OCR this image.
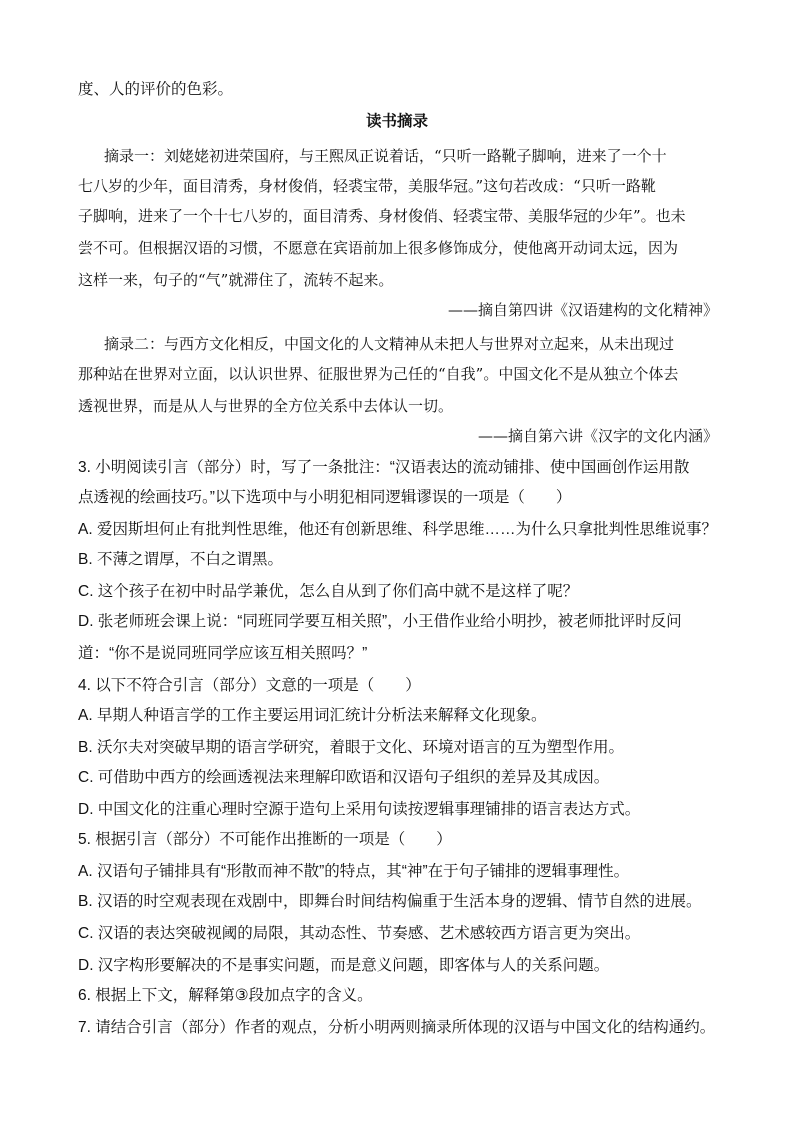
度、人的评价的色彩。
读书摘录
摘录一：刘姥姥初进荣国府，与王熙凤正说着话，“只听一路靴子脚响，进来了一个十
七八岁的少年，面目清秀，身材俊俏，轻裘宝带，美服华冠。”这句若改成：“只听一路靴
子脚响，进来了一个十七八岁的，面目清秀、身材俊俏、轻裘宝带、美服华冠的少年”。也未
尝不可。但根据汉语的习惯，不愿意在宾语前加上很多修饰成分，使他离开动词太远，因为
这样一来，句子的“气”就滞住了，流转不起来。
——摘自第四讲《汉语建构的文化精神》
摘录二：与西方文化相反，中国文化的人文精神从未把人与世界对立起来，从未出现过
那种站在世界对立面，以认识世界、征服世界为己任的“自我”。中国文化不是从独立个体去
透视世界，而是从人与世界的全方位关系中去体认一切。
——摘自第六讲《汉字的文化内涵》
3. 小明阅读引言（部分）时，写了一条批注：“汉语表达的流动铺排、使中国画创作运用散
点透视的绘画技巧。”以下选项中与小明犯相同逻辑谬误的一项是（　　）
A. 爱因斯坦何止有批判性思维，他还有创新思维、科学思维……为什么只拿批判性思维说事？
B. 不薄之谓厚，不白之谓黑。
C. 这个孩子在初中时品学兼优，怎么自从到了你们高中就不是这样了呢？
D. 张老师班会课上说：“同班同学要互相关照”，小王借作业给小明抄，被老师批评时反问
道：“你不是说同班同学应该互相关照吗？”
4. 以下不符合引言（部分）文意的一项是（　　）
A. 早期人种语言学的工作主要运用词汇统计分析法来解释文化现象。
B. 沃尔夫对突破早期的语言学研究，着眼于文化、环境对语言的互为塑型作用。
C. 可借助中西方的绘画透视法来理解印欧语和汉语句子组织的差异及其成因。
D. 中国文化的注重心理时空源于造句上采用句读按逻辑事理铺排的语言表达方式。
5. 根据引言（部分）不可能作出推断的一项是（　　）
A. 汉语句子铺排具有“形散而神不散”的特点，其“神”在于句子铺排的逻辑事理性。
B. 汉语的时空观表现在戏剧中，即舞台时间结构偏重于生活本身的逻辑、情节自然的进展。
C. 汉语的表达突破视阈的局限，其动态性、节奏感、艺术感较西方语言更为突出。
D. 汉字构形要解决的不是事实问题，而是意义问题，即客体与人的关系问题。
6. 根据上下文，解释第③段加点字的含义。
7. 请结合引言（部分）作者的观点，分析小明两则摘录所体现的汉语与中国文化的结构通约。
